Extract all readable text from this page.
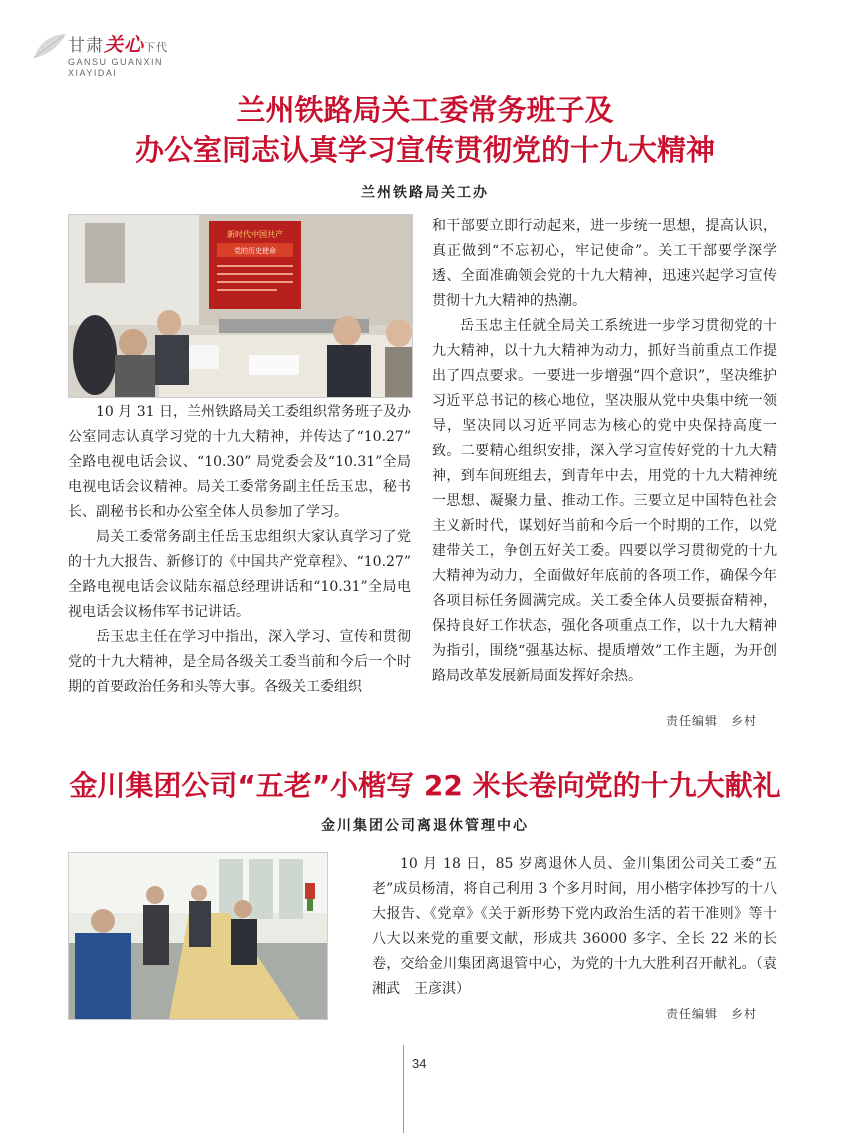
甘肃关心下代
GANSU GUANXIN
XIAYIDAI
兰州铁路局关工委常务班子及
办公室同志认真学习宣传贯彻党的十九大精神
兰州铁路局关工办
新时代中国共产
党的历史使命

10 月 31 日，兰州铁路局关工委组织常务班子及办公室同志认真学习党的十九大精神，并传达了“10.27” 全路电视电话会议、“10.30” 局党委会及“10.31”全局电视电话会议精神。局关工委常务副主任岳玉忠，秘书长、副秘书长和办公室全体人员参加了学习。

局关工委常务副主任岳玉忠组织大家认真学习了党的十九大报告、新修订的《中国共产党章程》、“10.27” 全路电视电话会议陆东福总经理讲话和“10.31”全局电视电话会议杨伟军书记讲话。

岳玉忠主任在学习中指出，深入学习、宣传和贯彻党的十九大精神，是全局各级关工委当前和今后一个时期的首要政治任务和头等大事。各级关工委组织

和干部要立即行动起来，进一步统一思想，提高认识，真正做到“不忘初心，牢记使命”。关工干部要学深学透、全面准确领会党的十九大精神，迅速兴起学习宣传贯彻十九大精神的热潮。

岳玉忠主任就全局关工系统进一步学习贯彻党的十九大精神，以十九大精神为动力，抓好当前重点工作提出了四点要求。一要进一步增强“四个意识”，坚决维护习近平总书记的核心地位，坚决服从党中央集中统一领导，坚决同以习近平同志为核心的党中央保持高度一致。二要精心组织安排，深入学习宣传好党的十九大精神，到车间班组去，到青年中去，用党的十九大精神统一思想、凝聚力量、推动工作。三要立足中国特色社会主义新时代，谋划好当前和今后一个时期的工作，以党建带关工，争创五好关工委。四要以学习贯彻党的十九大精神为动力，全面做好年底前的各项工作，确保今年各项目标任务圆满完成。关工委全体人员要振奋精神，保持良好工作状态，强化各项重点工作，以十九大精神为指引，围绕“强基达标、提质增效”工作主题，为开创路局改革发展新局面发挥好余热。

责任编辑　乡村
金川集团公司“五老”小楷写 22 米长卷向党的十九大献礼
金川集团公司离退休管理中心

10 月 18 日，85 岁离退休人员、金川集团公司关工委“五老”成员杨清，将自己利用 3 个多月时间，用小楷字体抄写的十八大报告、《党章》《关于新形势下党内政治生活的若干准则》等十八大以来党的重要文献，形成共 36000 多字、全长 22 米的长卷，交给金川集团离退管中心，为党的十九大胜利召开献礼。（袁湘武　王彦淇）

责任编辑　乡村
34
